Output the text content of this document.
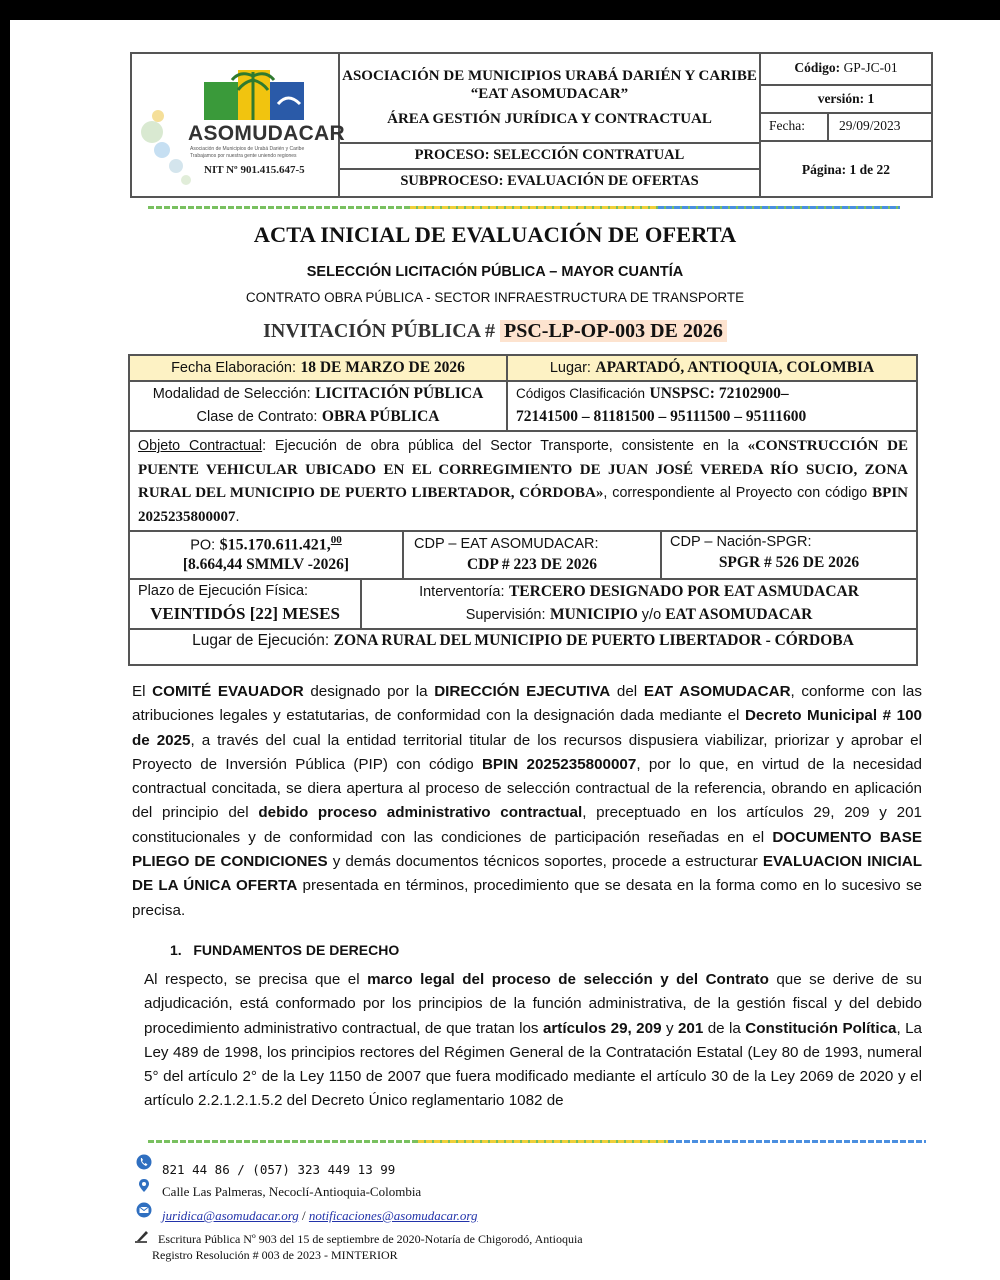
ASOMUDACAR
Asociación de Municipios de Urabá Darién y Caribe
Trabajamos por nuestra gente uniendo regiones
NIT Nº 901.415.647-5
ASOCIACIÓN DE MUNICIPIOS URABÁ DARIÉN Y CARIBE
“EAT ASOMUDACAR”
ÁREA GESTIÓN JURÍDICA Y CONTRACTUAL
PROCESO: SELECCIÓN CONTRATUAL
SUBPROCESO: EVALUACIÓN DE OFERTAS
Código: GP-JC-01
versión: 1
Fecha:	29/09/2023
Página: 1 de 22
ACTA INICIAL DE EVALUACIÓN DE OFERTA
SELECCIÓN LICITACIÓN PÚBLICA – MAYOR CUANTÍA
CONTRATO OBRA PÚBLICA - SECTOR INFRAESTRUCTURA DE TRANSPORTE
INVITACIÓN PÚBLICA # PSC-LP-OP-003 DE 2026
Fecha Elaboración: 18 DE MARZO DE 2026	Lugar: APARTADÓ, ANTIOQUIA, COLOMBIA
Modalidad de Selección: LICITACIÓN PÚBLICA
Clase de Contrato: OBRA PÚBLICA
Códigos Clasificación UNSPSC: 72102900–
72141500 – 81181500 – 95111500 – 95111600
Objeto Contractual: Ejecución de obra pública del Sector Transporte, consistente en la «CONSTRUCCIÓN DE PUENTE VEHICULAR UBICADO EN EL CORREGIMIENTO DE JUAN JOSÉ VEREDA RÍO SUCIO, ZONA RURAL DEL MUNICIPIO DE PUERTO LIBERTADOR, CÓRDOBA», correspondiente al Proyecto con código BPIN 2025235800007.
PO: $15.170.611.421,00
[8.664,44 SMMLV -2026]
CDP – EAT ASOMUDACAR:
CDP # 223 DE 2026
CDP – Nación-SPGR:
SPGR # 526 DE 2026
Plazo de Ejecución Física:
VEINTIDÓS [22] MESES
Interventoría: TERCERO DESIGNADO POR EAT ASMUDACAR
Supervisión: MUNICIPIO y/o EAT ASOMUDACAR
Lugar de Ejecución: ZONA RURAL DEL MUNICIPIO DE PUERTO LIBERTADOR - CÓRDOBA
El COMITÉ EVAUADOR designado por la DIRECCIÓN EJECUTIVA del EAT ASOMUDACAR, conforme con las atribuciones legales y estatutarias, de conformidad con la designación dada mediante el Decreto Municipal # 100 de 2025, a través del cual la entidad territorial titular de los recursos dispusiera viabilizar, priorizar y aprobar el Proyecto de Inversión Pública (PIP) con código BPIN 2025235800007, por lo que, en virtud de la necesidad contractual concitada, se diera apertura al proceso de selección contractual de la referencia, obrando en aplicación del principio del debido proceso administrativo contractual, preceptuado en los artículos 29, 209 y 201 constitucionales y de conformidad con las condiciones de participación reseñadas en el DOCUMENTO BASE PLIEGO DE CONDICIONES y demás documentos técnicos soportes, procede a estructurar EVALUACION INICIAL DE LA ÚNICA OFERTA presentada en términos, procedimiento que se desata en la forma como en lo sucesivo se precisa.
1.   FUNDAMENTOS DE DERECHO
Al respecto, se precisa que el marco legal del proceso de selección y del Contrato que se derive de su adjudicación, está conformado por los principios de la función administrativa, de la gestión fiscal y del debido procedimiento administrativo contractual, de que tratan los artículos 29, 209 y 201 de la Constitución Política, La Ley 489 de 1998, los principios rectores del Régimen General de la Contratación Estatal (Ley 80 de 1993, numeral 5° del artículo 2° de la Ley 1150 de 2007 que fuera modificado mediante el artículo 30 de la Ley 2069 de 2020 y el artículo 2.2.1.2.1.5.2 del Decreto Único reglamentario 1082 de
821 44 86 / (057) 323 449 13 99
Calle Las Palmeras, Necoclí-Antioquia-Colombia
juridica@asomudacar.org / notificaciones@asomudacar.org
Escritura Pública Nº 903 del 15 de septiembre de 2020-Notaría de Chigorodó, Antioquia
Registro Resolución # 003 de 2023 - MINTERIOR
